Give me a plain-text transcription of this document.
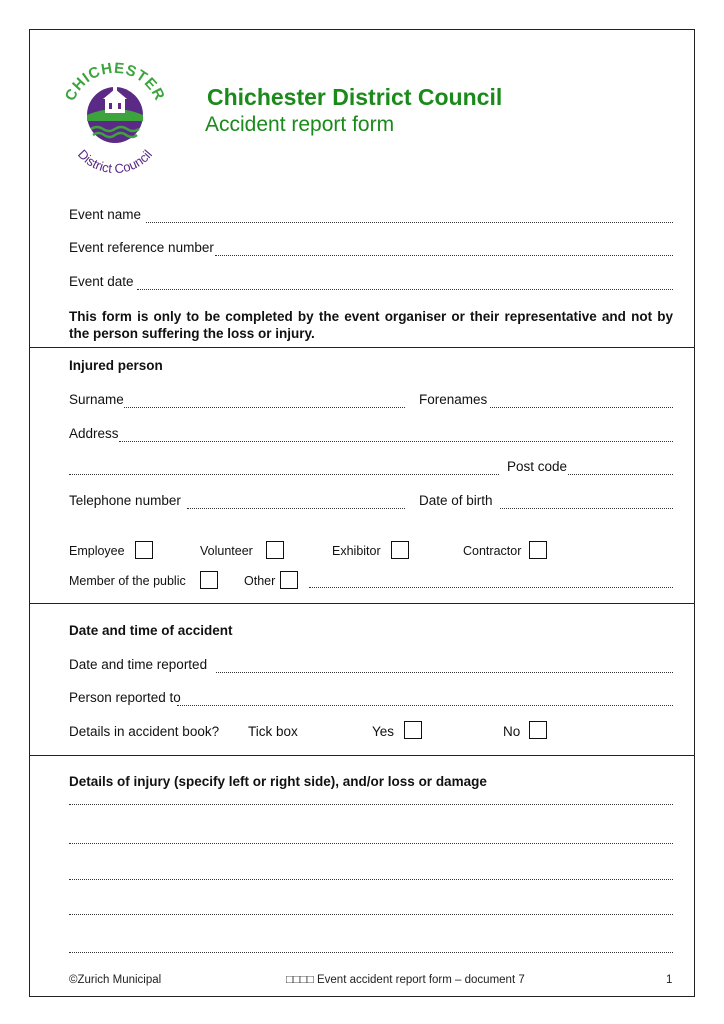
CHICHESTER
District Council
Chichester District Council
Accident report form
Event name
Event reference number
Event date
This form is only to be completed by the event organiser or their representative and not by the person suffering the loss or injury.
Injured person
Surname	Forenames
Address
Post code
Telephone number	Date of birth
Employee	Volunteer	Exhibitor	Contractor
Member of the public	Other
Date and time of accident
Date and time reported
Person reported to
Details in accident book? Tick box	Yes	No
Details of injury (specify left or right side), and/or loss or damage
©Zurich Municipal	□□□□ Event accident report form – document 7	1
